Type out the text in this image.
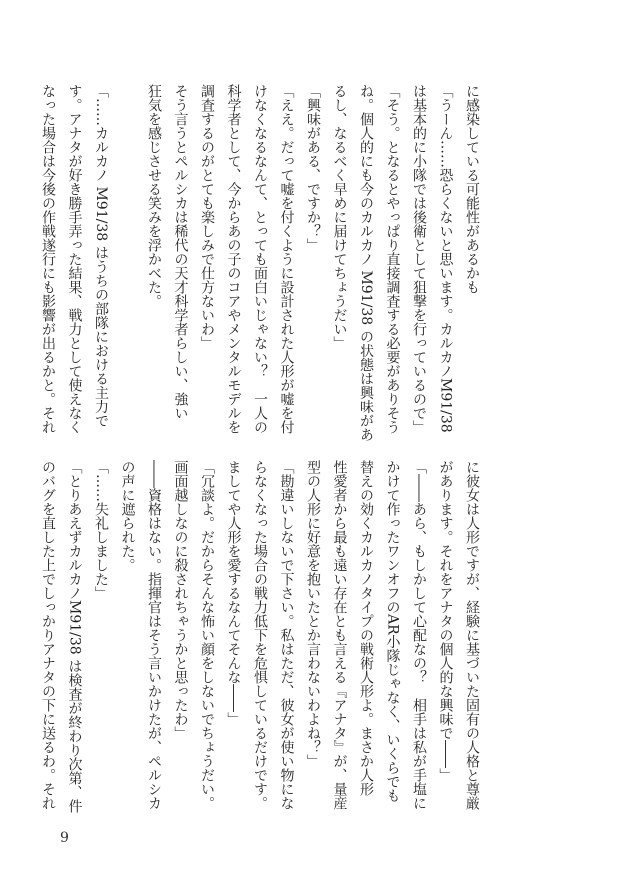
に感染している可能性があるかも

「うーん……恐らくないと思います。カルカノM91/38

は基本的に小隊では後衛として狙撃を行っているので」

「そう。となるとやっぱり直接調査する必要がありそう

ね。個人的にも今のカルカノ M91/38 の状態は興味があ

るし、なるべく早めに届けてちょうだい」

「興味がある、ですか？」

「ええ。だって嘘を付くように設計された人形が嘘を付

けなくなるなんて、とっても面白いじゃない？　一人の

科学者として、今からあの子のコアやメンタルモデルを

調査するのがとても楽しみで仕方ないわ」

そう言うとペルシカは稀代の天才科学者らしい、強い

狂気を感じさせる笑みを浮かべた。

「……カルカノ M91/38 はうちの部隊における主力で

す。アナタが好き勝手弄った結果、戦力として使えなく

なった場合は今後の作戦遂行にも影響が出るかと。それ

に彼女は人形ですが、経験に基づいた固有の人格と尊厳

があります。それをアナタの個人的な興味で――」

「――あら、もしかして心配なの？　相手は私が手塩に

かけて作ったワンオフのAR小隊じゃなく、いくらでも

替えの効くカルカノタイプの戦術人形よ。まさか人形

性愛者から最も遠い存在とも言える『アナタ』が、量産

型の人形に好意を抱いたとか言わないわよね？」

「勘違いしないで下さい。私はただ、彼女が使い物にな

らなくなった場合の戦力低下を危惧しているだけです。

ましてや人形を愛するなんてそんな――」

「冗談よ。だからそんな怖い顔をしないでちょうだい。

画面越しなのに殺されちゃうかと思ったわ」

――資格はない。指揮官はそう言いかけたが、ペルシカ

の声に遮られた。

「……失礼しました」

「とりあえずカルカノM91/38 は検査が終わり次第、件

のバグを直した上でしっかりアナタの下に送るわ。それ

9
